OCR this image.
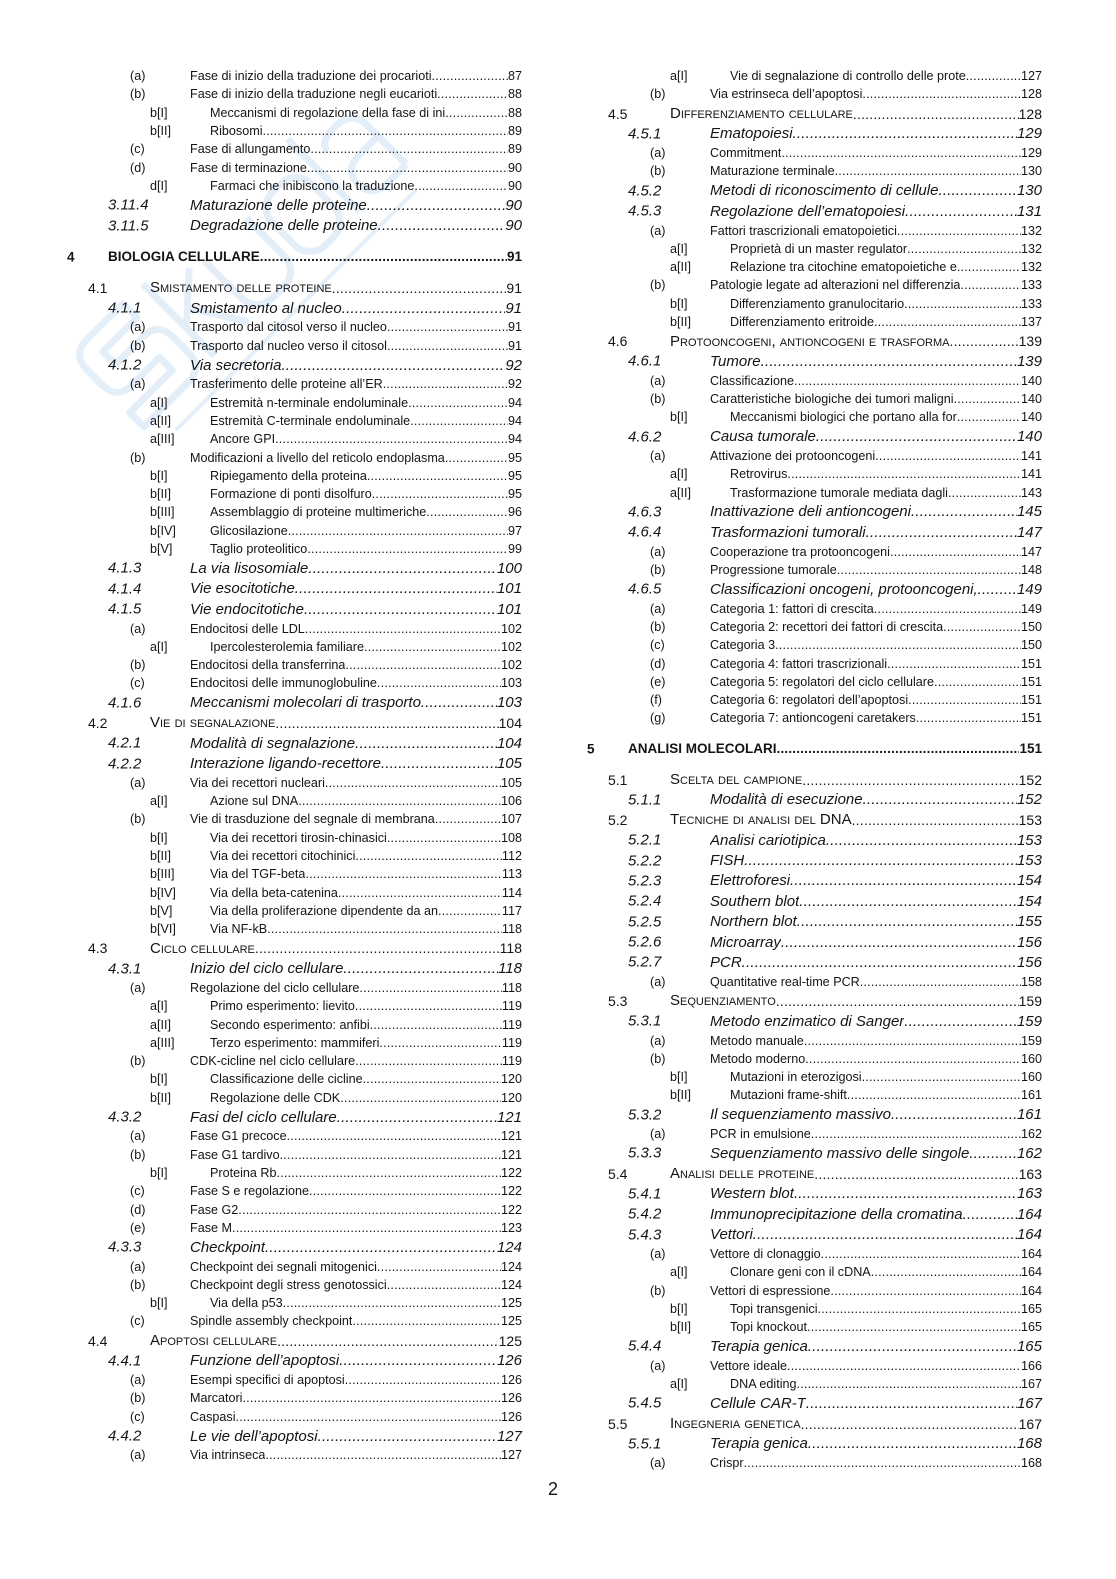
(a)	Fase di inizio della traduzione dei procarioti .....	87
(b)	Fase di inizio della traduzione negli eucarioti .....	88
b[I]	Meccanismi di regolazione della fase di ini .....	88
b[II]	Ribosomi .....	89
(c)	Fase di allungamento .....	89
(d)	Fase di terminazione .....	90
d[I]	Farmaci che inibiscono la traduzione .....	90
3.11.4	Maturazione delle proteine .....	90
3.11.5	Degradazione delle proteine .....	90
4 BIOLOGIA CELLULARE .....	91
4.1	Smistamento delle proteine .....	91
4.1.1	Smistamento al nucleo .....	91
(a)	Trasporto dal citosol verso il nucleo .....	91
(b)	Trasporto dal nucleo verso il citosol .....	91
4.1.2	Via secretoria .....	92
(a)	Trasferimento delle proteine all’ER .....	92
a[I]	Estremità n-terminale endoluminale .....	94
a[II]	Estremità C-terminale endoluminale .....	94
a[III]	Ancore GPI .....	94
(b)	Modificazioni a livello del reticolo endoplasma .....	95
b[I]	Ripiegamento della proteina .....	95
b[II]	Formazione di ponti disolfuro .....	95
b[III]	Assemblaggio di proteine multimeriche .....	96
b[IV]	Glicosilazione .....	97
b[V]	Taglio proteolitico .....	99
4.1.3	La via lisosomiale .....	100
4.1.4	Vie esocitotiche .....	101
4.1.5	Vie endocitotiche .....	101
(a)	Endocitosi delle LDL .....	102
a[I]	Ipercolesterolemia familiare .....	102
(b)	Endocitosi della transferrina .....	102
(c)	Endocitosi delle immunoglobuline .....	103
4.1.6	Meccanismi molecolari di trasporto .....	103
4.2	Vie di segnalazione .....	104
4.2.1	Modalità di segnalazione .....	104
4.2.2	Interazione ligando-recettore .....	105
(a)	Via dei recettori nucleari .....	105
a[I]	Azione sul DNA .....	106
(b)	Vie di trasduzione del segnale di membrana .....	107
b[I]	Via dei recettori tirosin-chinasici .....	108
b[II]	Via dei recettori citochinici .....	112
b[III]	Via del TGF-beta .....	113
b[IV]	Via della beta-catenina .....	114
b[V]	Via della proliferazione dipendente da an .....	117
b[VI]	Via NF-kB .....	118
4.3	Ciclo cellulare .....	118
4.3.1	Inizio del ciclo cellulare .....	118
(a)	Regolazione del ciclo cellulare .....	118
a[I]	Primo esperimento: lievito .....	119
a[II]	Secondo esperimento: anfibi .....	119
a[III]	Terzo esperimento: mammiferi .....	119
(b)	CDK-cicline nel ciclo cellulare .....	119
b[I]	Classificazione delle cicline .....	120
b[II]	Regolazione delle CDK .....	120
4.3.2	Fasi del ciclo cellulare .....	121
(a)	Fase G1 precoce .....	121
(b)	Fase G1 tardivo .....	121
b[I]	Proteina Rb .....	122
(c)	Fase S e regolazione .....	122
(d)	Fase G2 .....	122
(e)	Fase M .....	123
4.3.3	Checkpoint .....	124
(a)	Checkpoint dei segnali mitogenici .....	124
(b)	Checkpoint degli stress genotossici .....	124
b[I]	Via della p53 .....	125
(c)	Spindle assembly checkpoint .....	125
4.4	Apoptosi cellulare .....	125
4.4.1	Funzione dell’apoptosi .....	126
(a)	Esempi specifici di apoptosi .....	126
(b)	Marcatori .....	126
(c)	Caspasi .....	126
4.4.2	Le vie dell’apoptosi .....	127
(a)	Via intrinseca .....	127
a[I]	Vie di segnalazione di controllo delle prote .....	127
(b)	Via estrinseca dell’apoptosi .....	128
4.5	Differenziamento cellulare .....	128
4.5.1	Ematopoiesi .....	129
(a)	Commitment .....	129
(b)	Maturazione terminale .....	130
4.5.2	Metodi di riconoscimento di cellule .....	130
4.5.3	Regolazione dell’ematopoiesi .....	131
(a)	Fattori trascrizionali ematopoietici .....	132
a[I]	Proprietà di un master regulator .....	132
a[II]	Relazione tra citochine ematopoietiche e .....	132
(b)	Patologie legate ad alterazioni nel differenzia .....	133
b[I]	Differenziamento granulocitario .....	133
b[II]	Differenziamento eritroide .....	137
4.6	Protooncogeni, antioncogeni e trasforma .....	139
4.6.1	Tumore .....	139
(a)	Classificazione .....	140
(b)	Caratteristiche biologiche dei tumori maligni .....	140
b[I]	Meccanismi biologici che portano alla for .....	140
4.6.2	Causa tumorale .....	140
(a)	Attivazione dei protooncogeni .....	141
a[I]	Retrovirus .....	141
a[II]	Trasformazione tumorale mediata dagli .....	143
4.6.3	Inattivazione deli antioncogeni .....	145
4.6.4	Trasformazioni tumorali .....	147
(a)	Cooperazione tra protooncogeni .....	147
(b)	Progressione tumorale .....	148
4.6.5	Classificazioni oncogeni, protooncogeni, .....	149
(a)	Categoria 1: fattori di crescita .....	149
(b)	Categoria 2: recettori dei fattori di crescita .....	150
(c)	Categoria 3 .....	150
(d)	Categoria 4: fattori trascrizionali .....	151
(e)	Categoria 5: regolatori del ciclo cellulare .....	151
(f)	Categoria 6: regolatori dell’apoptosi .....	151
(g)	Categoria 7: antioncogeni caretakers .....	151
5 ANALISI MOLECOLARI .....	151
5.1	Scelta del campione .....	152
5.1.1	Modalità di esecuzione .....	152
5.2	Tecniche di analisi del DNA .....	153
5.2.1	Analisi cariotipica .....	153
5.2.2	FISH .....	153
5.2.3	Elettroforesi .....	154
5.2.4	Southern blot .....	154
5.2.5	Northern blot .....	155
5.2.6	Microarray .....	156
5.2.7	PCR .....	156
(a)	Quantitative real-time PCR .....	158
5.3	Sequenziamento .....	159
5.3.1	Metodo enzimatico di Sanger .....	159
(a)	Metodo manuale .....	159
(b)	Metodo moderno .....	160
b[I]	Mutazioni in eterozigosi .....	160
b[II]	Mutazioni frame-shift .....	161
5.3.2	Il sequenziamento massivo .....	161
(a)	PCR in emulsione .....	162
5.3.3	Sequenziamento massivo delle singole .....	162
5.4	Analisi delle proteine .....	163
5.4.1	Western blot .....	163
5.4.2	Immunoprecipitazione della cromatina .....	164
5.4.3	Vettori .....	164
(a)	Vettore di clonaggio .....	164
a[I]	Clonare geni con il cDNA .....	164
(b)	Vettori di espressione .....	164
b[I]	Topi transgenici .....	165
b[II]	Topi knockout .....	165
5.4.4	Terapia genica .....	165
(a)	Vettore ideale .....	166
a[I]	DNA editing .....	167
5.4.5	Cellule CAR-T .....	167
5.5	Ingegneria genetica .....	167
5.5.1	Terapia genica .....	168
(a)	Crispr .....	168
2
